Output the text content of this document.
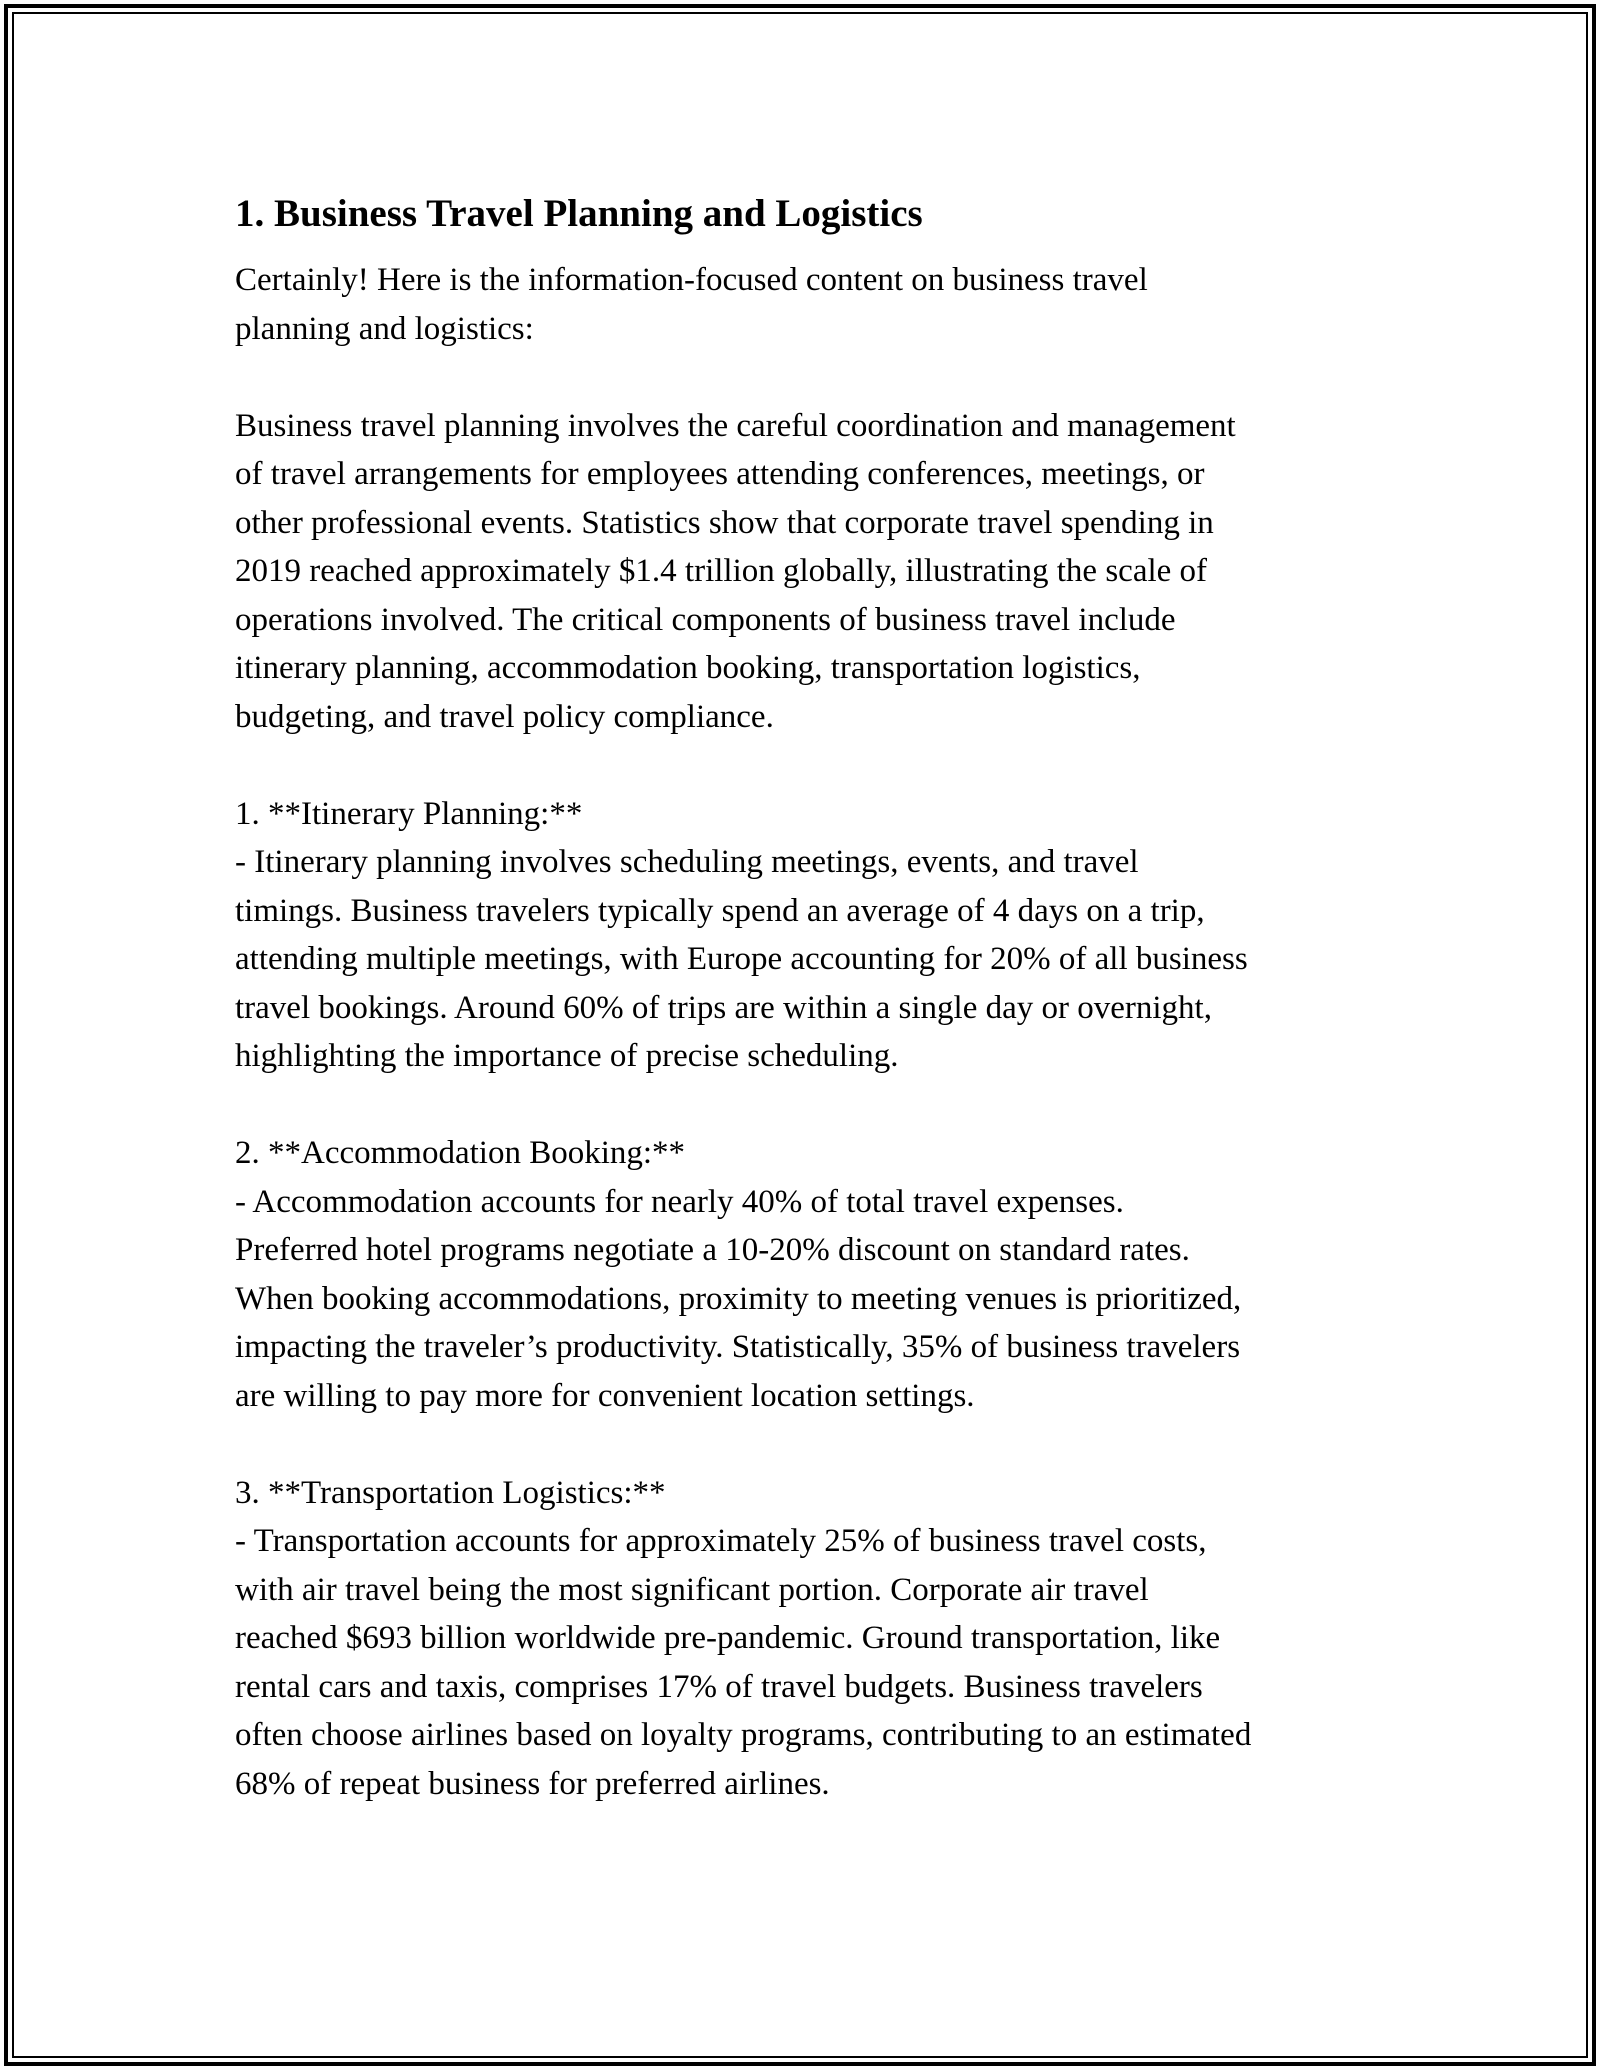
1. Business Travel Planning and Logistics

Certainly! Here is the information-focused content on business travel
planning and logistics:

Business travel planning involves the careful coordination and management
of travel arrangements for employees attending conferences, meetings, or
other professional events. Statistics show that corporate travel spending in
2019 reached approximately $1.4 trillion globally, illustrating the scale of
operations involved. The critical components of business travel include
itinerary planning, accommodation booking, transportation logistics,
budgeting, and travel policy compliance.

1. **Itinerary Planning:**

- Itinerary planning involves scheduling meetings, events, and travel
timings. Business travelers typically spend an average of 4 days on a trip,
attending multiple meetings, with Europe accounting for 20% of all business
travel bookings. Around 60% of trips are within a single day or overnight,
highlighting the importance of precise scheduling.

2. **Accommodation Booking:**

- Accommodation accounts for nearly 40% of total travel expenses.
Preferred hotel programs negotiate a 10-20% discount on standard rates.
When booking accommodations, proximity to meeting venues is prioritized,
impacting the traveler’s productivity. Statistically, 35% of business travelers
are willing to pay more for convenient location settings.

3. **Transportation Logistics:**

- Transportation accounts for approximately 25% of business travel costs,
with air travel being the most significant portion. Corporate air travel
reached $693 billion worldwide pre-pandemic. Ground transportation, like
rental cars and taxis, comprises 17% of travel budgets. Business travelers
often choose airlines based on loyalty programs, contributing to an estimated
68% of repeat business for preferred airlines.
